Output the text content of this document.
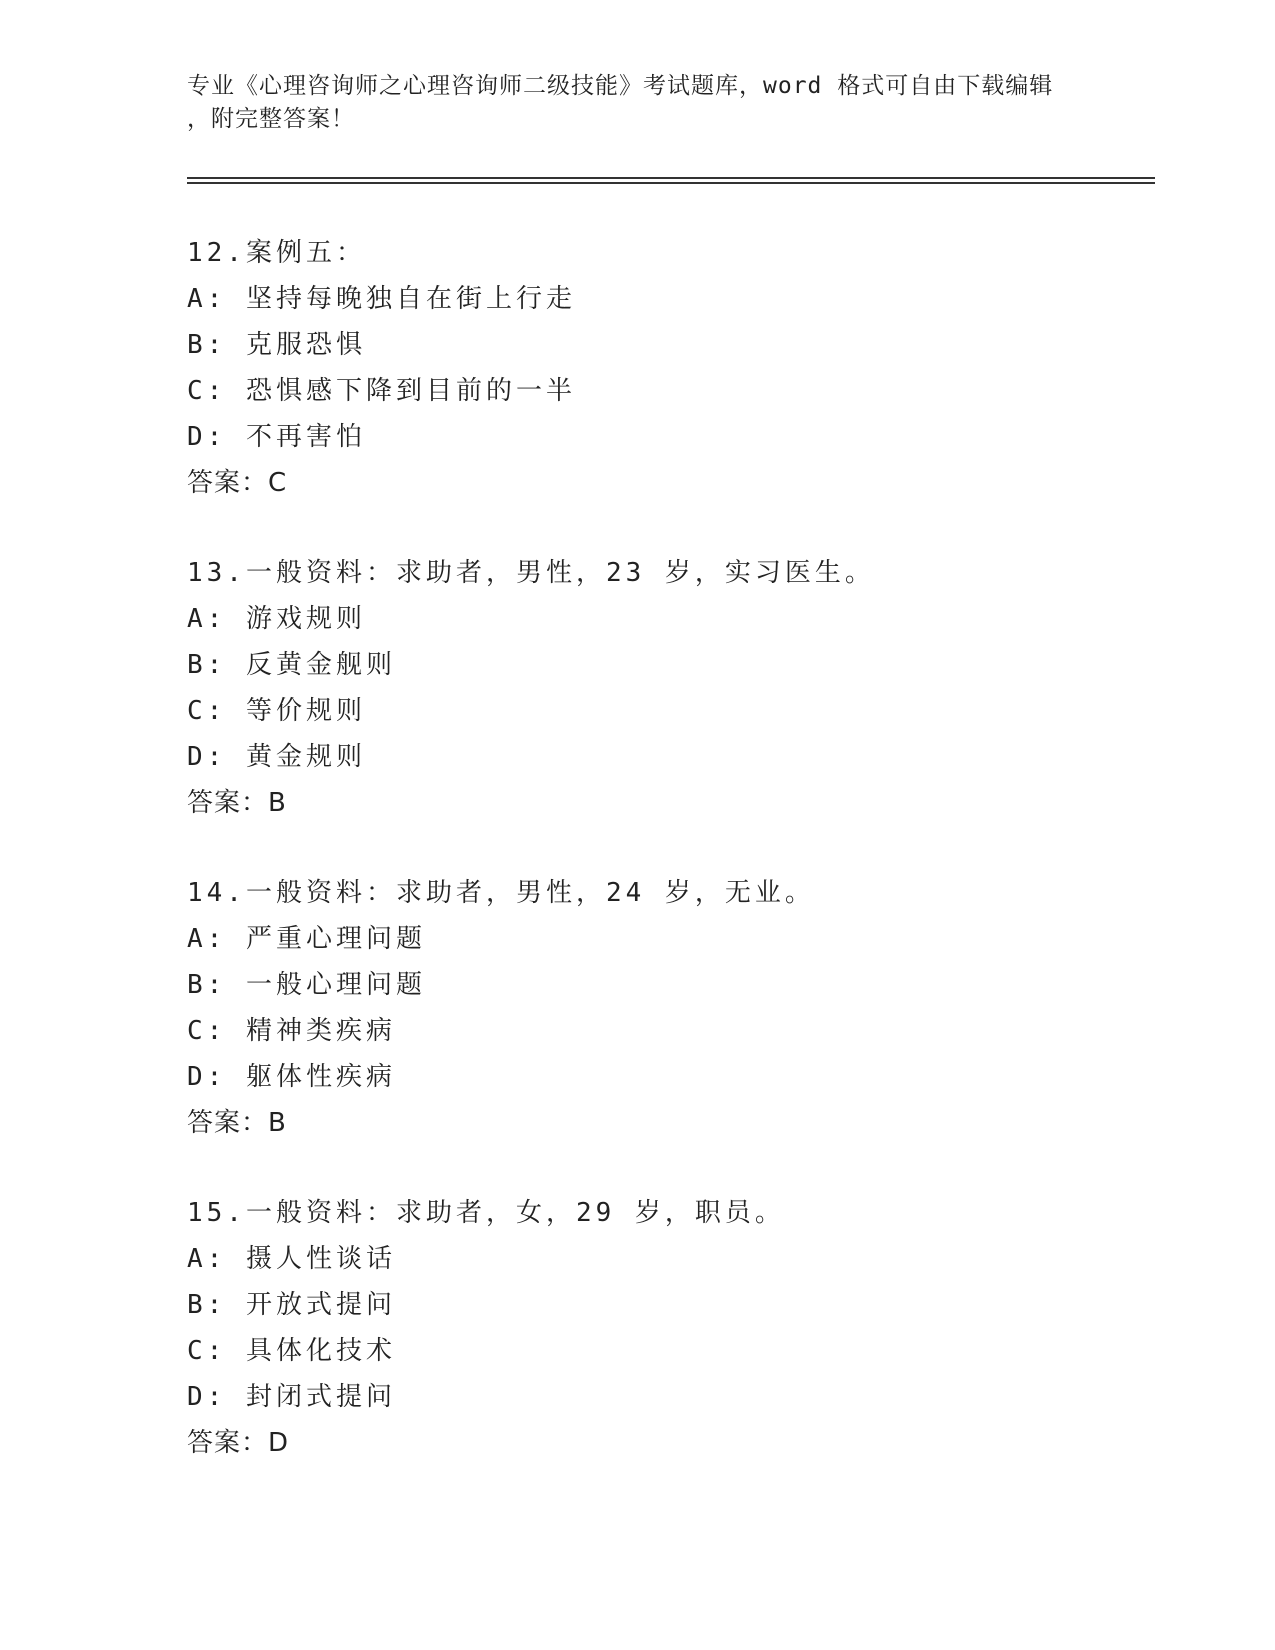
专业《心理咨询师之心理咨询师二级技能》考试题库，word 格式可自由下载编辑
，附完整答案！
12.案例五：
A: 坚持每晚独自在街上行走
B: 克服恐惧
C: 恐惧感下降到目前的一半
D: 不再害怕
答案：C
13.一般资料：求助者，男性，23 岁，实习医生。
A: 游戏规则
B: 反黄金舰则
C: 等价规则
D: 黄金规则
答案：B
14.一般资料：求助者，男性，24 岁，无业。
A: 严重心理问题
B: 一般心理问题
C: 精神类疾病
D: 躯体性疾病
答案：B
15.一般资料：求助者，女，29 岁，职员。
A: 摄人性谈话
B: 开放式提问
C: 具体化技术
D: 封闭式提问
答案：D
